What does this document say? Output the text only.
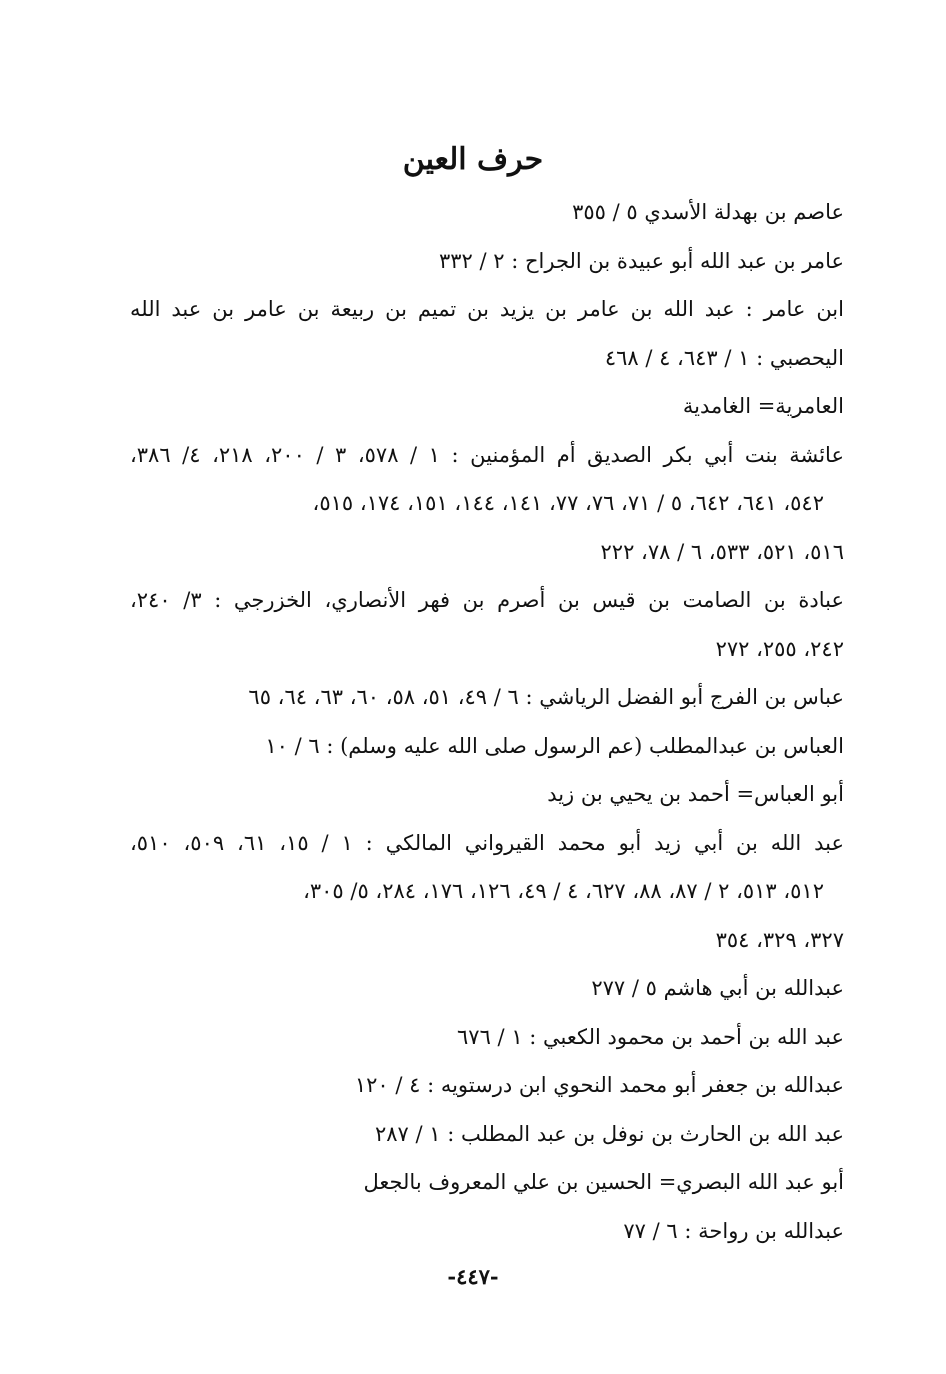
حرف العين
عاصم بن بهدلة الأسدي ٥ / ٣٥٥
عامر بن عبد الله أبو عبيدة بن الجراح : ٢ / ٣٣٢
ابن عامر : عبد الله بن عامر بن يزيد بن تميم بن ربيعة بن عامر بن عبد الله
اليحصبي : ١ / ٦٤٣، ٤ / ٤٦٨
العامرية= الغامدية
عائشة بنت أبي بكر الصديق أم المؤمنين : ١ / ٥٧٨، ٣ / ٢٠٠، ٢١٨، ٤/ ٣٨٦،
٥٤٢، ٦٤١، ٦٤٢، ٥ / ٧١، ٧٦، ٧٧، ١٤١، ١٤٤، ١٥١، ١٧٤، ٥١٥،
٥١٦، ٥٢١، ٥٣٣، ٦ / ٧٨، ٢٢٢
عبادة بن الصامت بن قيس بن أصرم بن فهر الأنصاري، الخزرجي : ٣/ ٢٤٠،
٢٤٢، ٢٥٥، ٢٧٢
عباس بن الفرج أبو الفضل الرياشي : ٦ / ٤٩، ٥١، ٥٨، ٦٠، ٦٣، ٦٤، ٦٥
العباس بن عبدالمطلب (عم الرسول صلى الله عليه وسلم) : ٦ / ١٠
أبو العباس= أحمد بن يحيي بن زيد
عبد الله بن أبي زيد أبو محمد القيرواني المالكي : ١ / ١٥، ٦١، ٥٠٩، ٥١٠،
٥١٢، ٥١٣، ٢ / ٨٧، ٨٨، ٦٢٧، ٤ / ٤٩، ١٢٦، ١٧٦، ٢٨٤، ٥/ ٣٠٥،
٣٢٧، ٣٢٩، ٣٥٤
عبدالله بن أبي هاشم ٥ / ٢٧٧
عبد الله بن أحمد بن محمود الكعبي : ١ / ٦٧٦
عبدالله بن جعفر أبو محمد النحوي ابن درستويه : ٤ / ١٢٠
عبد الله بن الحارث بن نوفل بن عبد المطلب : ١ / ٢٨٧
أبو عبد الله البصري= الحسين بن علي المعروف بالجعل
عبدالله بن رواحة : ٦ / ٧٧
-٤٤٧-
